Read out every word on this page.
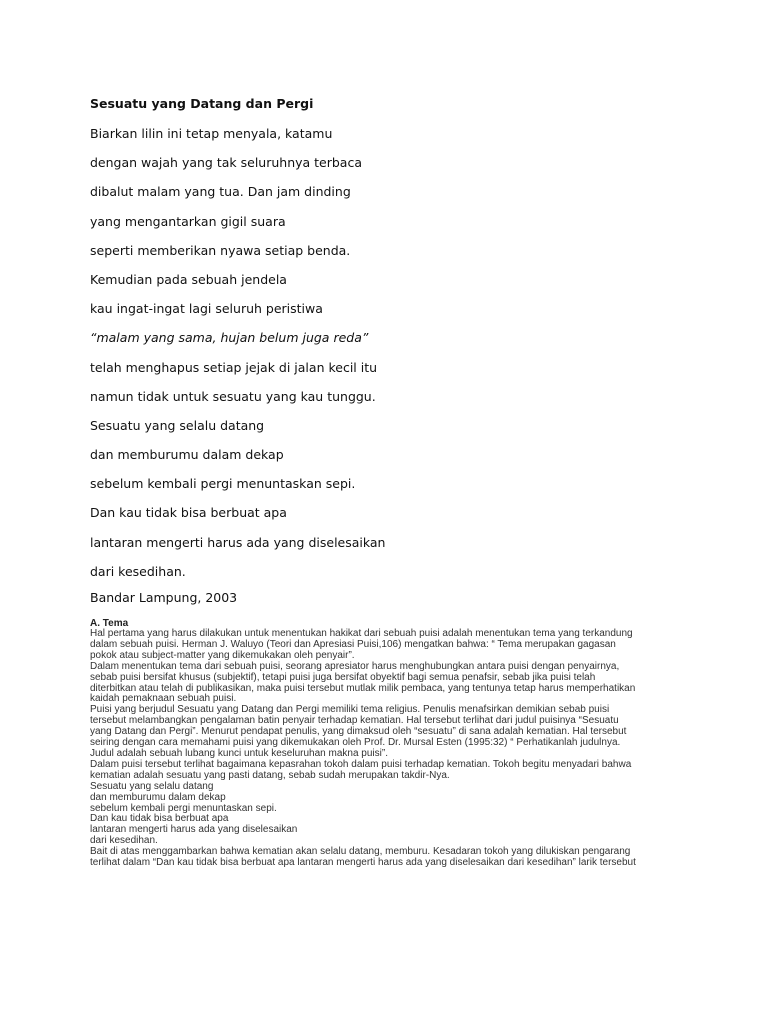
Sesuatu yang Datang dan Pergi
Biarkan lilin ini tetap menyala, katamu
dengan wajah yang tak seluruhnya terbaca
dibalut malam yang tua. Dan jam dinding
yang mengantarkan gigil suara
seperti memberikan nyawa setiap benda.
Kemudian pada sebuah jendela
kau ingat-ingat lagi seluruh peristiwa
“malam yang sama, hujan belum juga reda”
telah menghapus setiap jejak di jalan kecil itu
namun tidak untuk sesuatu yang kau tunggu.
Sesuatu yang selalu datang
dan memburumu dalam dekap
sebelum kembali pergi menuntaskan sepi.
Dan kau tidak bisa berbuat apa
lantaran mengerti harus ada yang diselesaikan
dari kesedihan.
Bandar Lampung, 2003
A. Tema
Hal pertama yang harus dilakukan untuk menentukan hakikat dari sebuah puisi adalah menentukan tema yang terkandung
dalam sebuah puisi. Herman J. Waluyo (Teori dan Apresiasi Puisi,106) mengatkan bahwa: “ Tema merupakan gagasan
pokok atau subject-matter yang dikemukakan oleh penyair”.
Dalam menentukan tema dari sebuah puisi, seorang apresiator harus menghubungkan antara puisi dengan penyairnya,
sebab puisi bersifat khusus (subjektif), tetapi puisi juga bersifat obyektif bagi semua penafsir, sebab jika puisi telah
diterbitkan atau telah di publikasikan, maka puisi tersebut mutlak milik pembaca, yang tentunya tetap harus memperhatikan
kaidah pemaknaan sebuah puisi.
Puisi yang berjudul Sesuatu yang Datang dan Pergi memiliki tema religius. Penulis menafsirkan demikian sebab puisi
tersebut melambangkan pengalaman batin penyair terhadap kematian. Hal tersebut terlihat dari judul puisinya “Sesuatu
yang Datang dan Pergi”. Menurut pendapat penulis, yang dimaksud oleh “sesuatu” di sana adalah kematian. Hal tersebut
seiring dengan cara memahami puisi yang dikemukakan oleh Prof. Dr. Mursal Esten (1995:32) “ Perhatikanlah judulnya.
Judul adalah sebuah lubang kunci untuk keseluruhan makna puisi”.
Dalam puisi tersebut terlihat bagaimana kepasrahan tokoh dalam puisi terhadap kematian. Tokoh begitu menyadari bahwa
kematian adalah sesuatu yang pasti datang, sebab sudah merupakan takdir-Nya.
Sesuatu yang selalu datang
dan memburumu dalam dekap
sebelum kembali pergi menuntaskan sepi.
Dan kau tidak bisa berbuat apa
lantaran mengerti harus ada yang diselesaikan
dari kesedihan.
Bait di atas menggambarkan bahwa kematian akan selalu datang, memburu. Kesadaran tokoh yang dilukiskan pengarang
terlihat dalam “Dan kau tidak bisa berbuat apa lantaran mengerti harus ada yang diselesaikan dari kesedihan” larik tersebut
